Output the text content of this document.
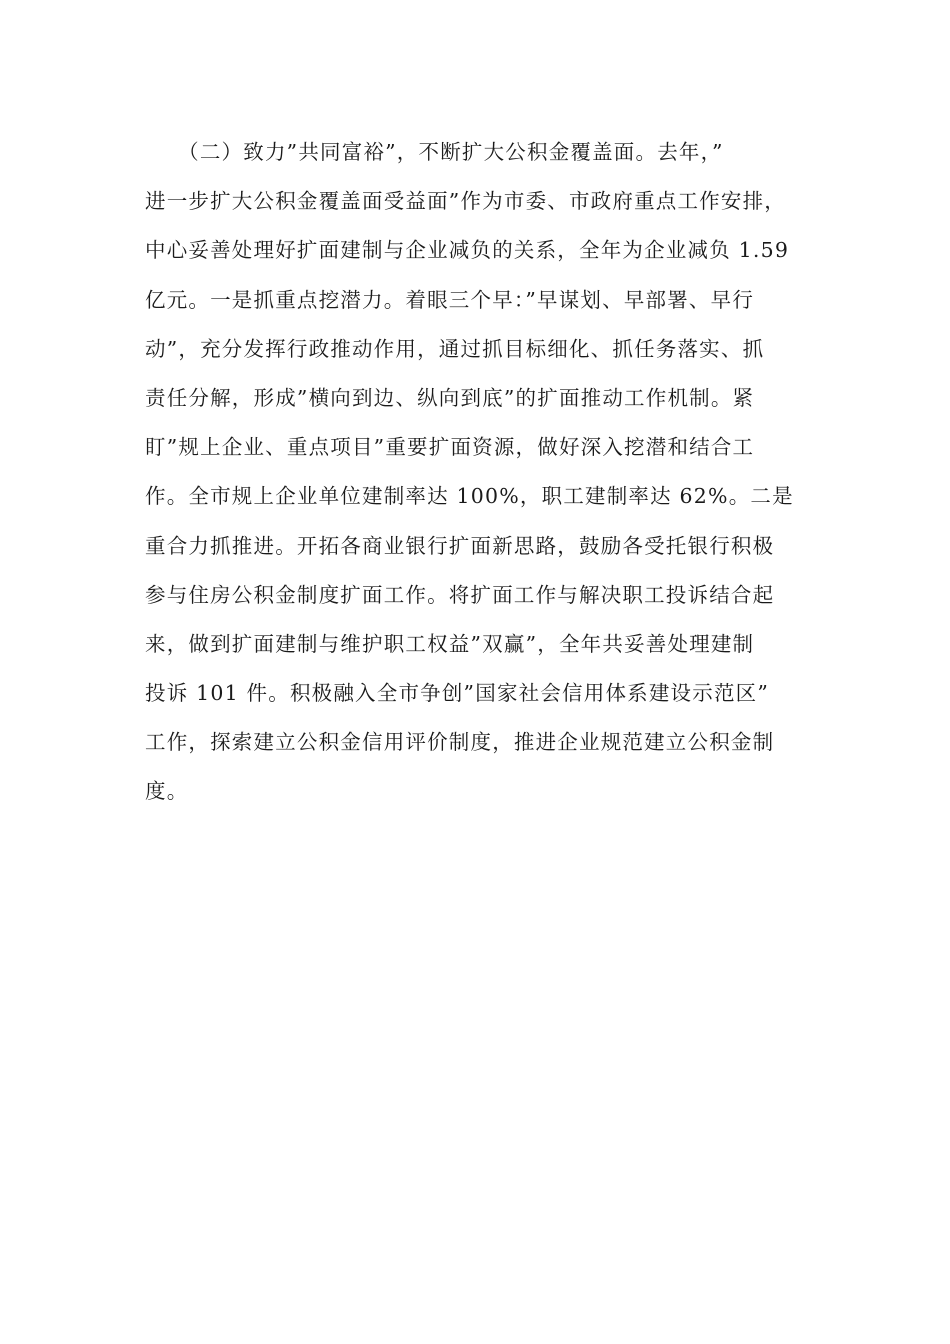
　　（二）致力”共同富裕”，不断扩大公积金覆盖面。去年，”
进一步扩大公积金覆盖面受益面”作为市委、市政府重点工作安排，
中心妥善处理好扩面建制与企业减负的关系，全年为企业减负 1.59
亿元。一是抓重点挖潜力。着眼三个早：”早谋划、早部署、早行
动”，充分发挥行政推动作用，通过抓目标细化、抓任务落实、抓
责任分解，形成”横向到边、纵向到底”的扩面推动工作机制。紧
盯”规上企业、重点项目”重要扩面资源，做好深入挖潜和结合工
作。全市规上企业单位建制率达 100%，职工建制率达 62%。二是
重合力抓推进。开拓各商业银行扩面新思路，鼓励各受托银行积极
参与住房公积金制度扩面工作。将扩面工作与解决职工投诉结合起
来，做到扩面建制与维护职工权益”双赢”，全年共妥善处理建制
投诉 101 件。积极融入全市争创”国家社会信用体系建设示范区”
工作，探索建立公积金信用评价制度，推进企业规范建立公积金制
度。
